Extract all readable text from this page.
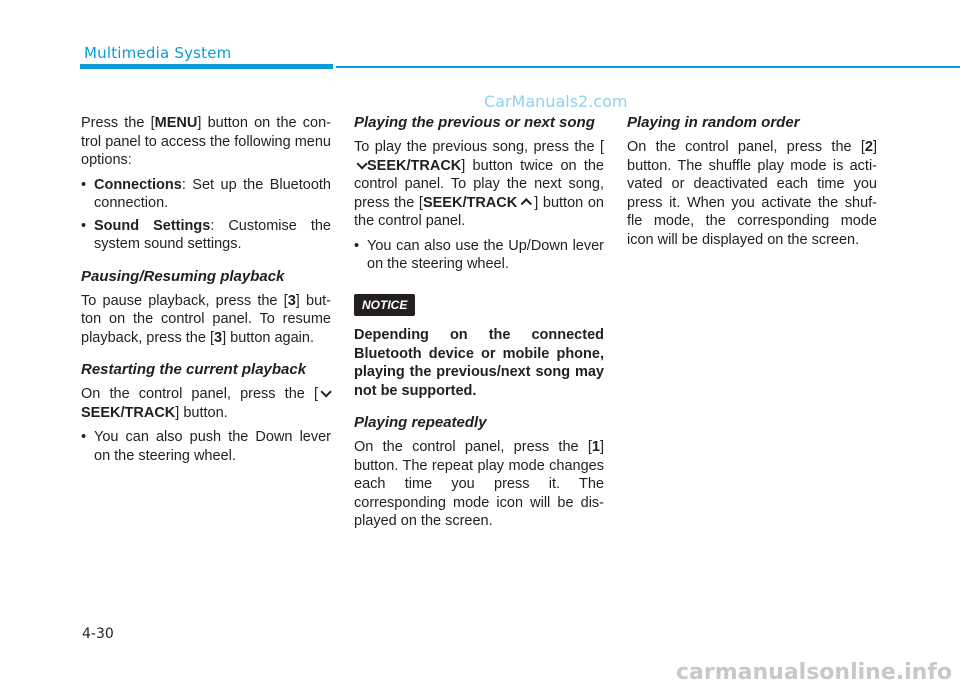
Multimedia System
CarManuals2.com

Press the [MENU] button on the con- trol panel to access the following menu options:

• Connections: Set up the Bluetooth connection.
• Sound Settings: Customise the system sound settings.
Pausing/Resuming playback

To pause playback, press the [3] but- ton on the control panel. To resume playback, press the [3] button again.

Restarting the current playback

On the control panel, press the [SEEK/TRACK] button.

• You can also push the Down lever on the steering wheel.
Playing the previous or next song

To play the previous song, press the [SEEK/TRACK] button twice on the control panel. To play the next song, press the [SEEK/TRACK ] button on the control panel.

• You can also use the Up/Down lever on the steering wheel.
NOTICE

Depending on the connected Bluetooth device or mobile phone, playing the previous/next song may not be supported.

Playing repeatedly

On the control panel, press the [1] button. The repeat play mode changes each time you press it. The corresponding mode icon will be dis- played on the screen.

Playing in random order

On the control panel, press the [2] button. The shuffle play mode is acti- vated or deactivated each time you press it. When you activate the shuf- fle mode, the corresponding mode icon will be displayed on the screen.

4-30
carmanualsonline.info
